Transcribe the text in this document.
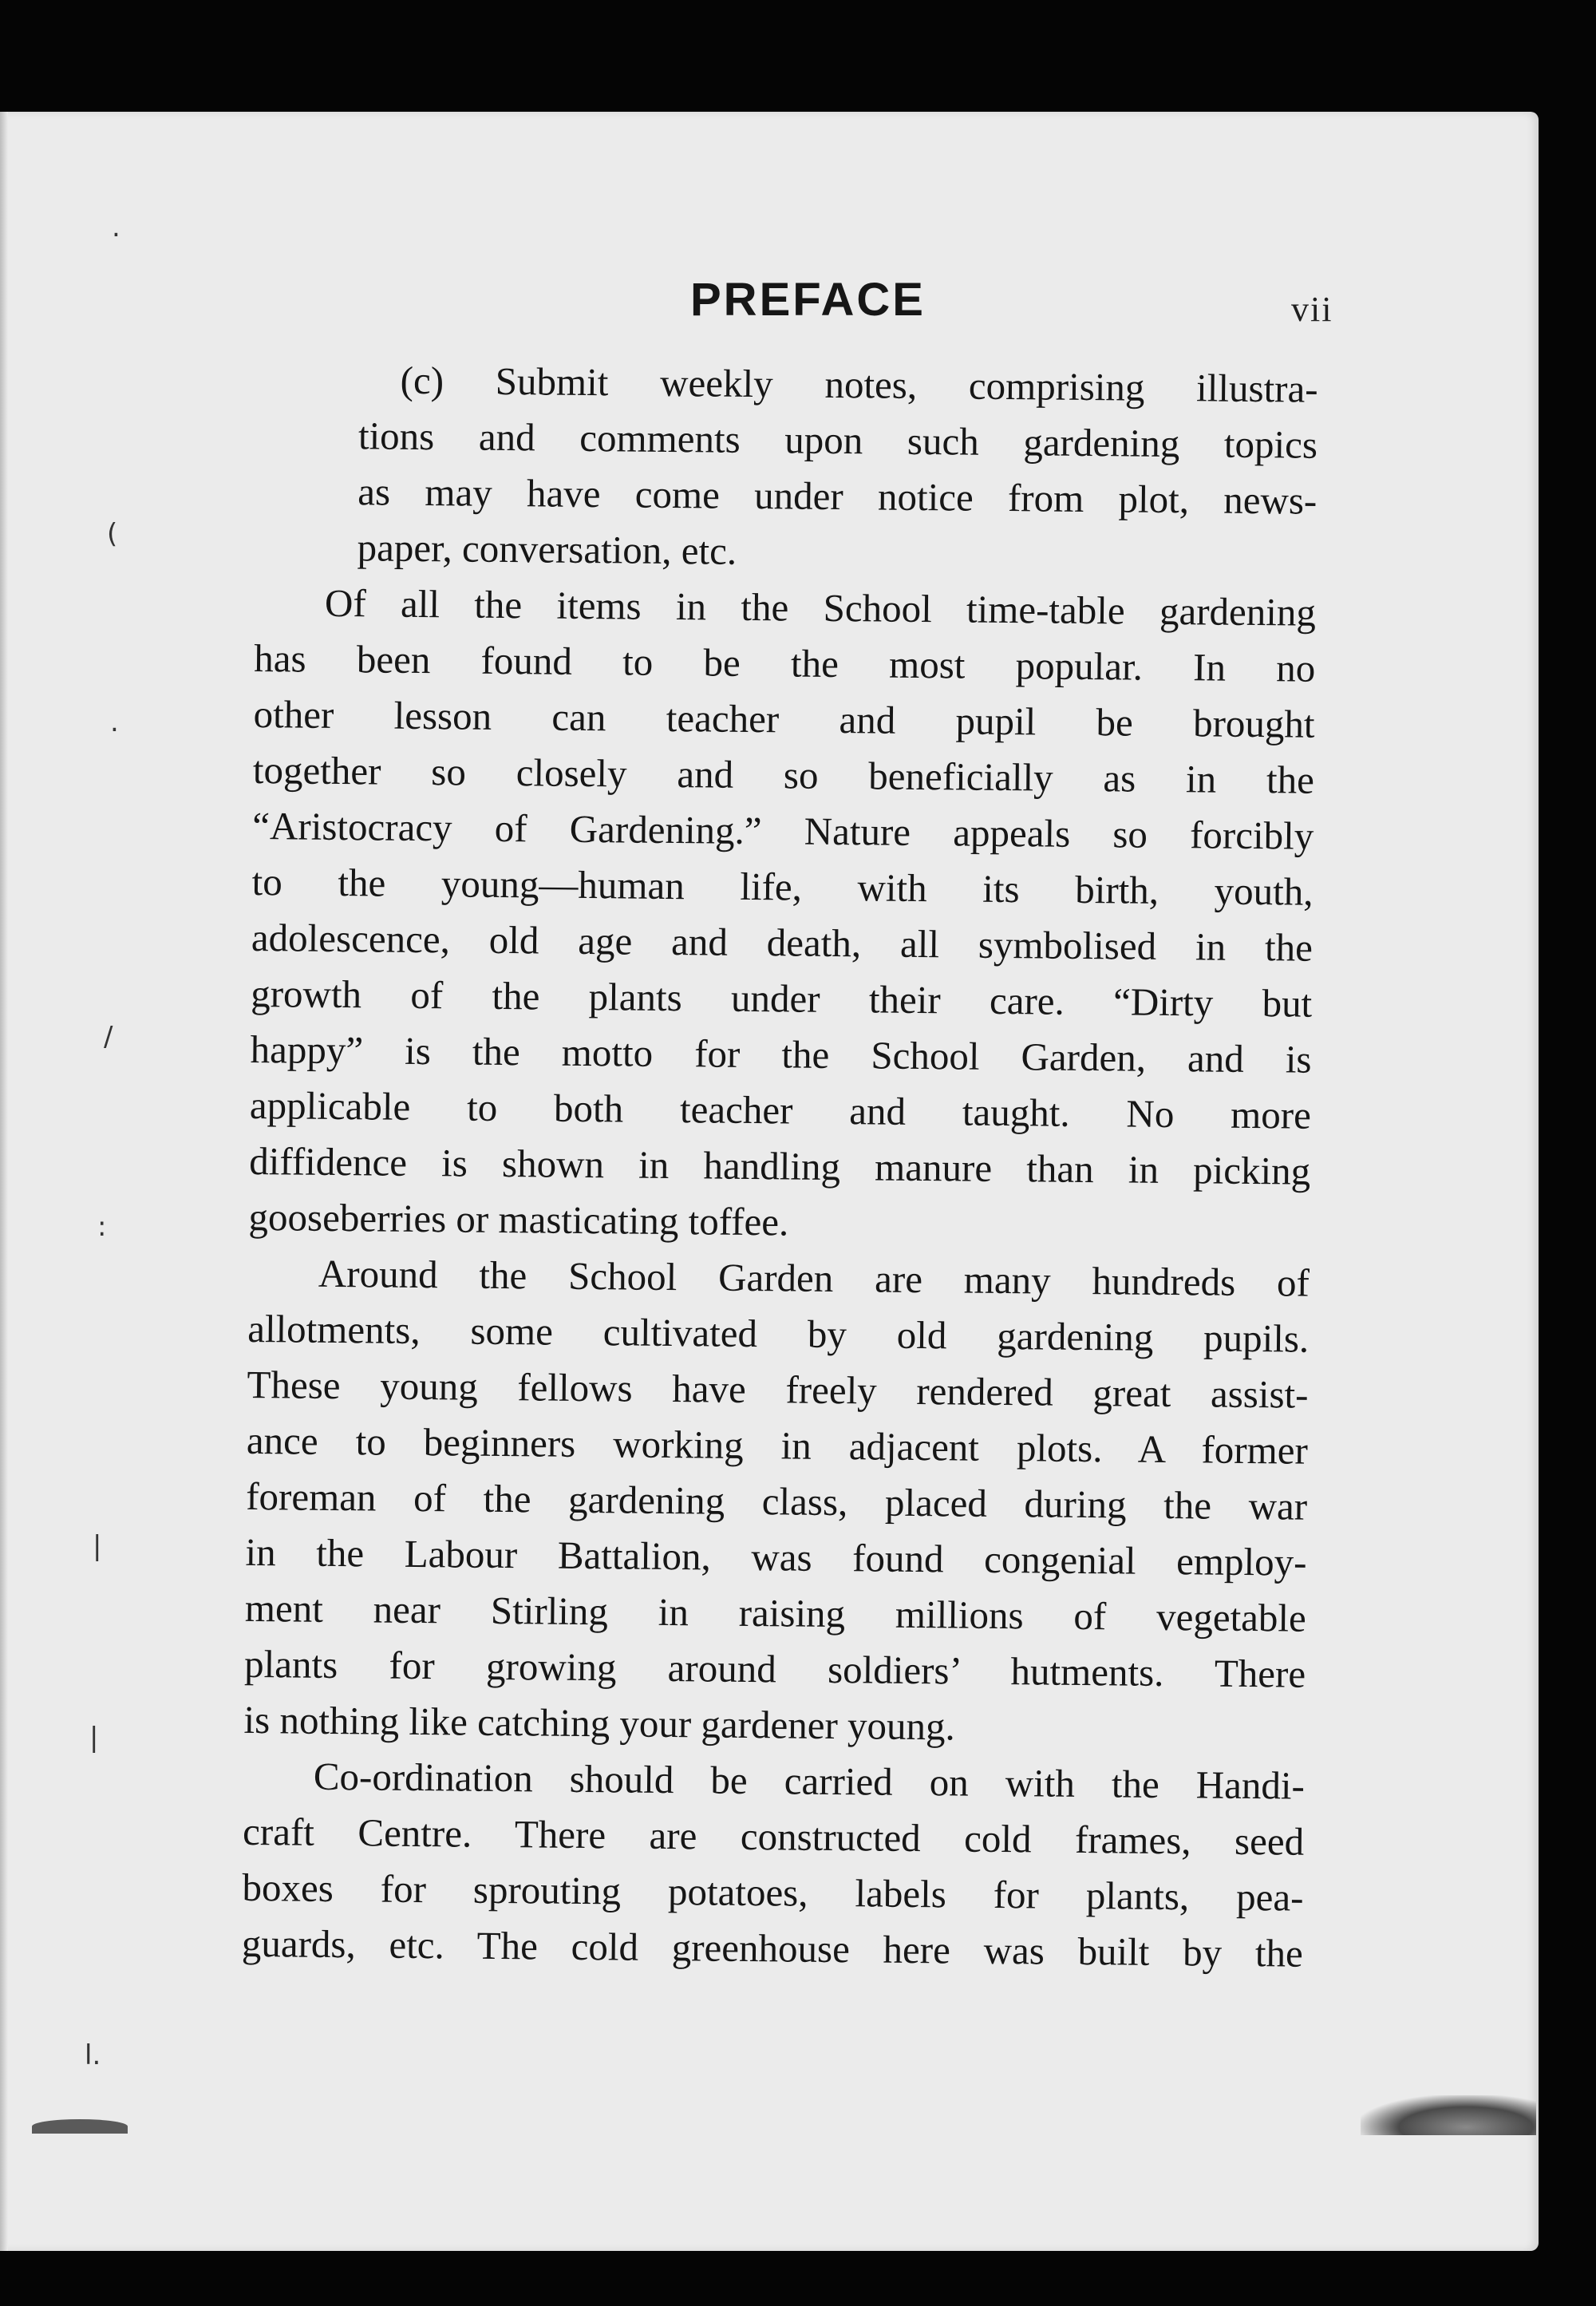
.
(
.
/
:
|
|
l.
PREFACE	vii
(c) Submit weekly notes, comprising illustra-
tions and comments upon such gardening topics
as may have come under notice from plot, news-
paper, conversation, etc.
Of all the items in the School time-table gardening
has been found to be the most popular. In no
other lesson can teacher and pupil be brought
together so closely and so beneficially as in the
“Aristocracy of Gardening.” Nature appeals so forcibly
to the young—human life, with its birth, youth,
adolescence, old age and death, all symbolised in the
growth of the plants under their care. “Dirty but
happy” is the motto for the School Garden, and is
applicable to both teacher and taught. No more
diffidence is shown in handling manure than in picking
gooseberries or masticating toffee.
Around the School Garden are many hundreds of
allotments, some cultivated by old gardening pupils.
These young fellows have freely rendered great assist-
ance to beginners working in adjacent plots. A former
foreman of the gardening class, placed during the war
in the Labour Battalion, was found congenial employ-
ment near Stirling in raising millions of vegetable
plants for growing around soldiers’ hutments. There
is nothing like catching your gardener young.
Co-ordination should be carried on with the Handi-
craft Centre. There are constructed cold frames, seed
boxes for sprouting potatoes, labels for plants, pea-
guards, etc. The cold greenhouse here was built by the
